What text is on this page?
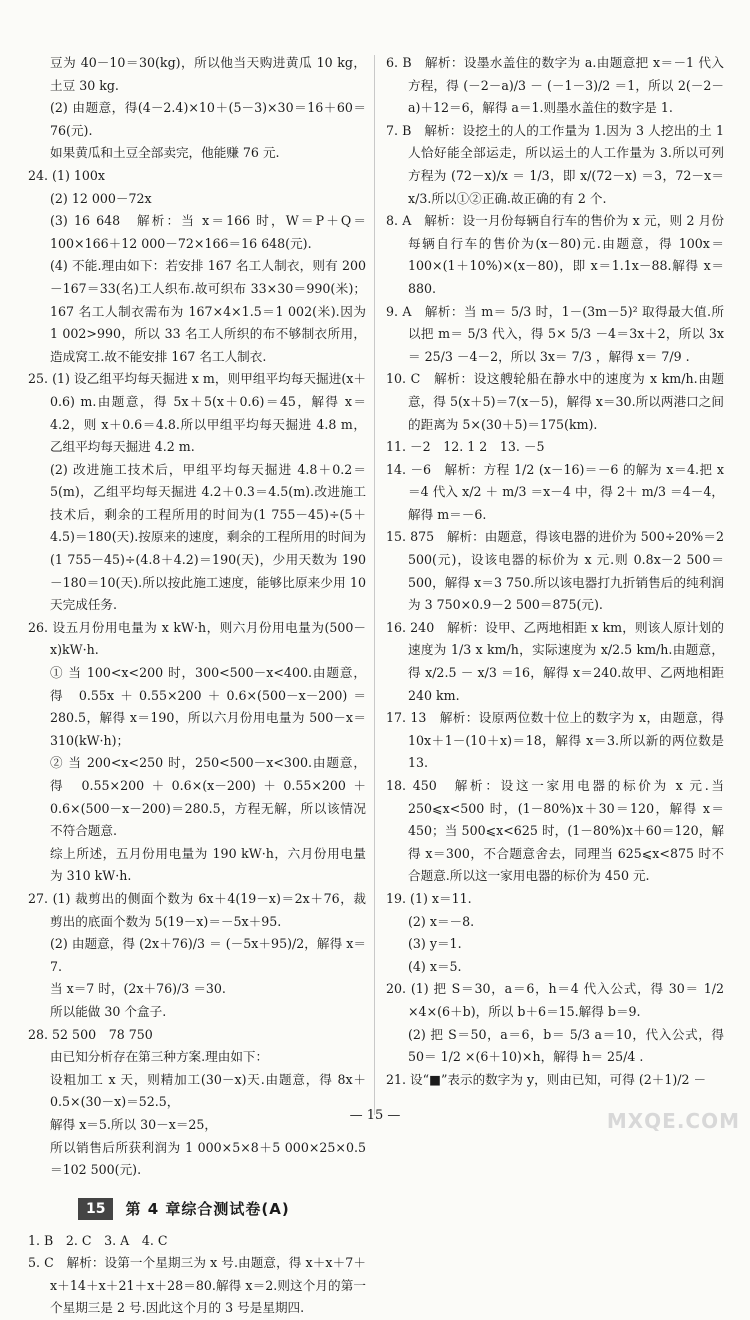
豆为 40－10＝30(kg)，所以他当天购进黄瓜 10 kg，土豆 30 kg.

(2) 由题意，得(4－2.4)×10＋(5－3)×30＝16＋60＝76(元).

如果黄瓜和土豆全部卖完，他能赚 76 元.

24. (1) 100x

(2) 12 000－72x

(3) 16 648　解析：当 x＝166 时，W＝P＋Q＝100×166＋12 000－72×166＝16 648(元).

(4) 不能.理由如下：若安排 167 名工人制衣，则有 200－167＝33(名)工人织布.故可织布 33×30＝990(米)；167 名工人制衣需布为 167×4×1.5＝1 002(米).因为 1 002>990，所以 33 名工人所织的布不够制衣所用，造成窝工.故不能安排 167 名工人制衣.

25. (1) 设乙组平均每天掘进 x m，则甲组平均每天掘进(x＋0.6) m.由题意，得 5x＋5(x＋0.6)＝45，解得 x＝4.2，则 x＋0.6＝4.8.所以甲组平均每天掘进 4.8 m，乙组平均每天掘进 4.2 m.

(2) 改进施工技术后，甲组平均每天掘进 4.8＋0.2＝5(m)，乙组平均每天掘进 4.2＋0.3＝4.5(m).改进施工技术后，剩余的工程所用的时间为(1 755－45)÷(5＋4.5)＝180(天).按原来的速度，剩余的工程所用的时间为(1 755－45)÷(4.8＋4.2)＝190(天)，少用天数为 190－180＝10(天).所以按此施工速度，能够比原来少用 10 天完成任务.

26. 设五月份用电量为 x kW·h，则六月份用电量为(500－x)kW·h.

① 当 100<x<200 时，300<500－x<400.由题意，得 0.55x＋0.55×200＋0.6×(500－x－200)＝280.5，解得 x＝190，所以六月份用电量为 500－x＝310(kW·h)；

② 当 200<x<250 时，250<500－x<300.由题意，得 0.55×200＋0.6×(x－200)＋0.55×200＋0.6×(500－x－200)＝280.5，方程无解，所以该情况不符合题意.

综上所述，五月份用电量为 190 kW·h，六月份用电量为 310 kW·h.

27. (1) 裁剪出的侧面个数为 6x＋4(19－x)＝2x＋76，裁剪出的底面个数为 5(19－x)＝－5x＋95.

(2) 由题意，得 (2x＋76)/3 ＝ (－5x＋95)/2，解得 x＝7.

当 x＝7 时，(2x＋76)/3 ＝30.

所以能做 30 个盒子.

28. 52 500　78 750

由已知分析存在第三种方案.理由如下：

设粗加工 x 天，则精加工(30－x)天.由题意，得 8x＋0.5×(30－x)＝52.5，

解得 x＝5.所以 30－x＝25，

所以销售后所获利润为 1 000×5×8＋5 000×25×0.5＝102 500(元).

15	第 4 章综合测试卷(A)

1. B　2. C　3. A　4. C

5. C　解析：设第一个星期三为 x 号.由题意，得 x＋x＋7＋x＋14＋x＋21＋x＋28＝80.解得 x＝2.则这个月的第一个星期三是 2 号.因此这个月的 3 号是星期四.

6. B　解析：设墨水盖住的数字为 a.由题意把 x＝－1 代入方程，得 (－2－a)/3 － (－1－3)/2 ＝1，所以 2(－2－a)＋12＝6，解得 a＝1.则墨水盖住的数字是 1.

7. B　解析：设挖土的人的工作量为 1.因为 3 人挖出的土 1 人恰好能全部运走，所以运土的人工作量为 3.所以可列方程为 (72－x)/x ＝ 1/3，即 x/(72－x) ＝3，72－x＝ x/3.所以①②正确.故正确的有 2 个.

8. A　解析：设一月份每辆自行车的售价为 x 元，则 2 月份每辆自行车的售价为(x－80)元.由题意，得 100x＝100×(1＋10%)×(x－80)，即 x＝1.1x－88.解得 x＝880.

9. A　解析：当 m＝ 5/3 时，1－(3m－5)² 取得最大值.所以把 m＝ 5/3 代入，得 5× 5/3 －4＝3x＋2，所以 3x＝ 25/3 －4－2，所以 3x＝ 7/3 ，解得 x＝ 7/9 .

10. C　解析：设这艘轮船在静水中的速度为 x km/h.由题意，得 5(x＋5)＝7(x－5)，解得 x＝30.所以两港口之间的距离为 5×(30＋5)＝175(km).

11. －2　12. 1 2　13. －5

14. －6　解析：方程 1/2 (x－16)＝－6 的解为 x＝4.把 x＝4 代入 x/2 ＋ m/3 ＝x－4 中，得 2＋ m/3 ＝4－4，解得 m＝－6.

15. 875　解析：由题意，得该电器的进价为 500÷20%＝2 500(元)，设该电器的标价为 x 元.则 0.8x－2 500＝500，解得 x＝3 750.所以该电器打九折销售后的纯利润为 3 750×0.9－2 500＝875(元).

16. 240　解析：设甲、乙两地相距 x km，则该人原计划的速度为 1/3 x km/h，实际速度为 x/2.5 km/h.由题意，得 x/2.5 － x/3 ＝16，解得 x＝240.故甲、乙两地相距 240 km.

17. 13　解析：设原两位数十位上的数字为 x，由题意，得 10x＋1－(10＋x)＝18，解得 x＝3.所以新的两位数是 13.

18. 450　解析：设这一家用电器的标价为 x 元.当 250⩽x<500 时，(1－80%)x＋30＝120，解得 x＝450；当 500⩽x<625 时，(1－80%)x＋60＝120，解得 x＝300，不合题意舍去，同理当 625⩽x<875 时不合题意.所以这一家用电器的标价为 450 元.

19. (1) x＝11.

(2) x＝－8.

(3) y＝1.

(4) x＝5.

20. (1) 把 S＝30，a＝6，h＝4 代入公式，得 30＝ 1/2 ×4×(6＋b)，所以 b＋6＝15.解得 b＝9.

(2) 把 S＝50，a＝6，b＝ 5/3 a＝10，代入公式，得 50＝ 1/2 ×(6＋10)×h，解得 h＝ 25/4 .

21. 设“■”表示的数字为 y，则由已知，可得 (2＋1)/2 －

— 15 —	MXQE.COM
